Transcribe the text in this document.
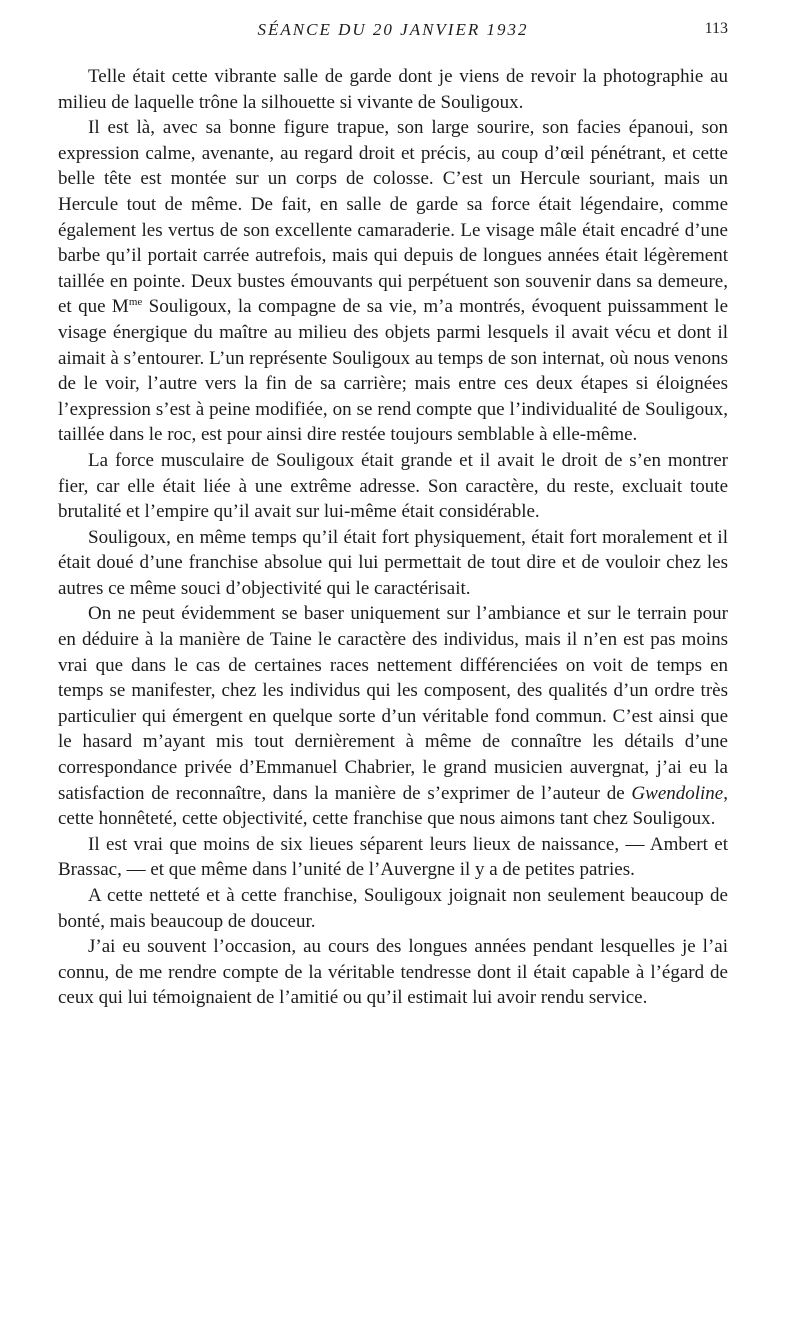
SÉANCE DU 20 JANVIER 1932	113

Telle était cette vibrante salle de garde dont je viens de revoir la photographie au milieu de laquelle trône la silhouette si vivante de Souligoux.

Il est là, avec sa bonne figure trapue, son large sourire, son facies épanoui, son expression calme, avenante, au regard droit et précis, au coup d’œil pénétrant, et cette belle tête est montée sur un corps de colosse. C’est un Hercule souriant, mais un Hercule tout de même. De fait, en salle de garde sa force était légendaire, comme également les vertus de son excellente camaraderie. Le visage mâle était encadré d’une barbe qu’il portait carrée autrefois, mais qui depuis de longues années était légèrement taillée en pointe. Deux bustes émouvants qui perpétuent son souvenir dans sa demeure, et que $M^{me}$ Souligoux, la compagne de sa vie, m’a montrés, évoquent puissamment le visage énergique du maître au milieu des objets parmi lesquels il avait vécu et dont il aimait à s’entourer. L’un représente Souligoux au temps de son internat, où nous venons de le voir, l’autre vers la fin de sa carrière; mais entre ces deux étapes si éloignées l’expression s’est à peine modifiée, on se rend compte que l’individualité de Souligoux, taillée dans le roc, est pour ainsi dire restée toujours semblable à elle-même.

La force musculaire de Souligoux était grande et il avait le droit de s’en montrer fier, car elle était liée à une extrême adresse. Son caractère, du reste, excluait toute brutalité et l’empire qu’il avait sur lui-même était considérable.

Souligoux, en même temps qu’il était fort physiquement, était fort moralement et il était doué d’une franchise absolue qui lui permettait de tout dire et de vouloir chez les autres ce même souci d’objectivité qui le caractérisait.

On ne peut évidemment se baser uniquement sur l’ambiance et sur le terrain pour en déduire à la manière de Taine le caractère des individus, mais il n’en est pas moins vrai que dans le cas de certaines races nettement différenciées on voit de temps en temps se manifester, chez les individus qui les composent, des qualités d’un ordre très particulier qui émergent en quelque sorte d’un véritable fond commun. C’est ainsi que le hasard m’ayant mis tout dernièrement à même de connaître les détails d’une correspondance privée d’Emmanuel Chabrier, le grand musicien auvergnat, j’ai eu la satisfaction de reconnaître, dans la manière de s’exprimer de l’auteur de Gwendoline, cette honnêteté, cette objectivité, cette franchise que nous aimons tant chez Souligoux.

Il est vrai que moins de six lieues séparent leurs lieux de naissance, — Ambert et Brassac, — et que même dans l’unité de l’Auvergne il y a de petites patries.

A cette netteté et à cette franchise, Souligoux joignait non seulement beaucoup de bonté, mais beaucoup de douceur.

J’ai eu souvent l’occasion, au cours des longues années pendant lesquelles je l’ai connu, de me rendre compte de la véritable tendresse dont il était capable à l’égard de ceux qui lui témoignaient de l’amitié ou qu’il estimait lui avoir rendu service.
